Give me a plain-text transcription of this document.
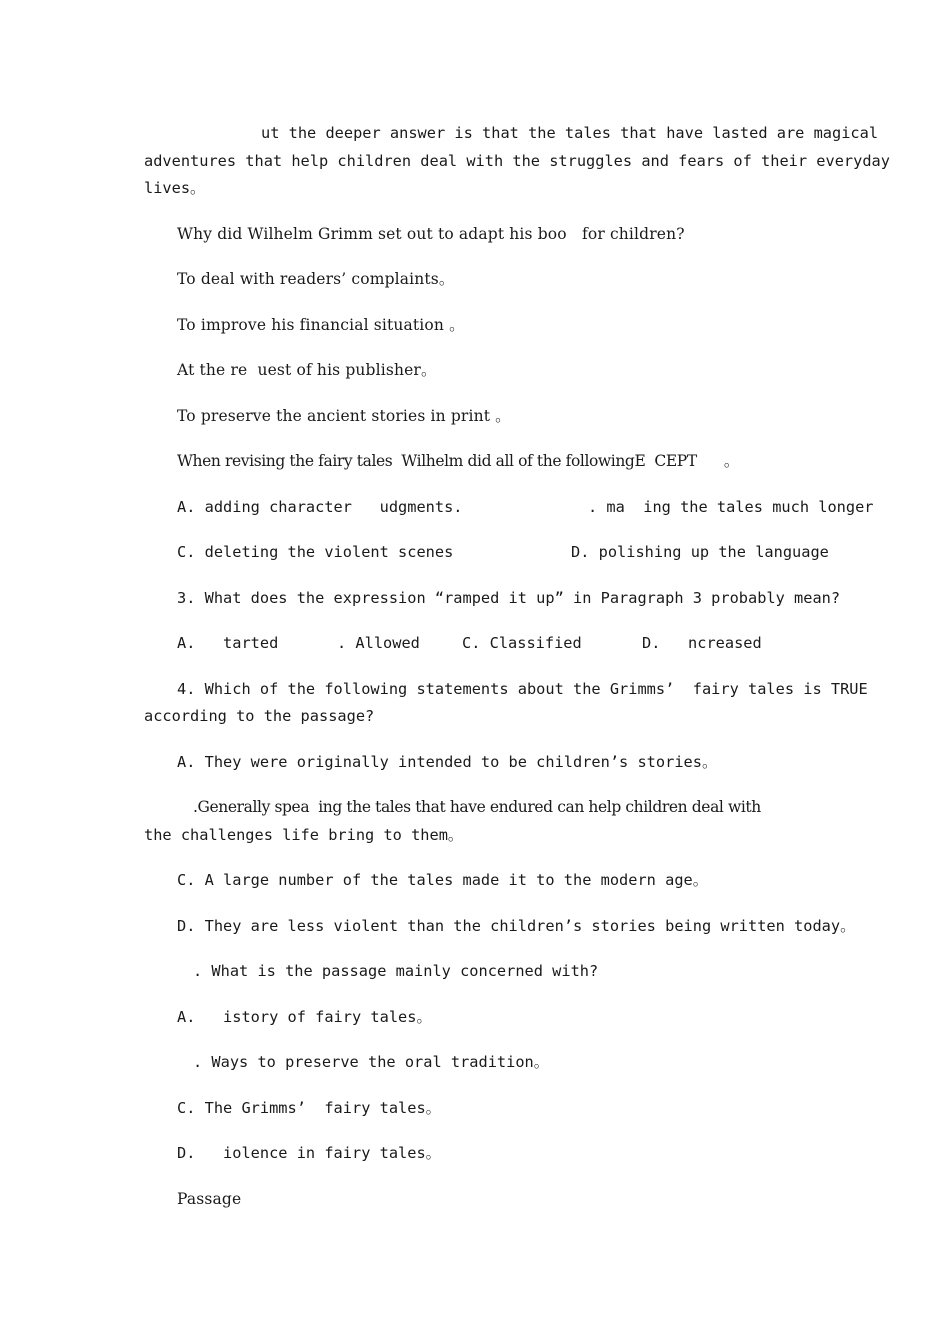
ut the deeper answer is that the tales that have lasted are magical
adventures that help children deal with the struggles and fears of their everyday
lives。
Why did Wilhelm Grimm set out to adapt his boo   for children?
To deal with readers’ complaints。
To improve his financial situation 。
At the re  uest of his publisher。
To preserve the ancient stories in print 。
When revising the fairy tales  Wilhelm did all of the followingE  CEPT      。
A. adding character   udgments.	. ma  ing the tales much longer
C. deleting the violent scenes	D. polishing up the language
3. What does the expression “ramped it up” in Paragraph 3 probably mean?
A.   tarted	. Allowed	C. Classified	D.   ncreased
4. Which of the following statements about the Grimms’  fairy tales is TRUE
according to the passage?
A. They were originally intended to be children’s stories。
.Generally spea  ing the tales that have endured can help children deal with
the challenges life bring to them。
C. A large number of the tales made it to the modern age。
D. They are less violent than the children’s stories being written today。
. What is the passage mainly concerned with?
A.   istory of fairy tales。
. Ways to preserve the oral tradition。
C. The Grimms’  fairy tales。
D.   iolence in fairy tales。
Passage
